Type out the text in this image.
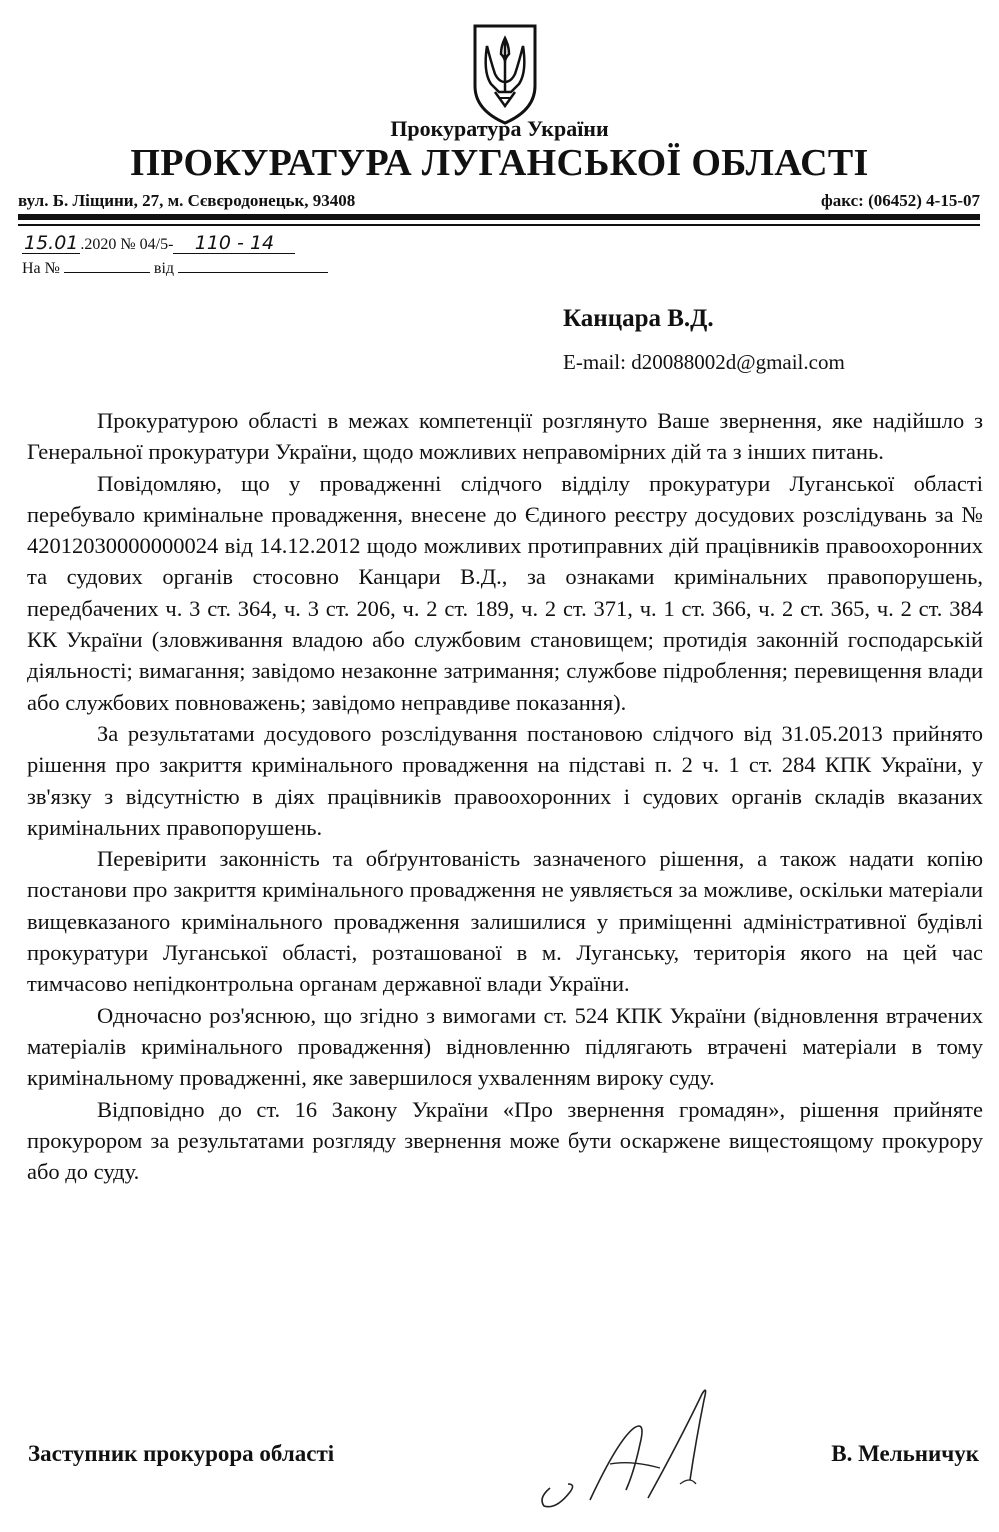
Прокуратура України
ПРОКУРАТУРА ЛУГАНСЬКОЇ ОБЛАСТІ
вул. Б. Ліщини, 27, м. Сєвєродонецьк, 93408	факс: (06452) 4-15-07
15.01 .2020 № 04/5- 110 - 14
На №	від
Канцара В.Д.
E-mail: d20088002d@gmail.com

Прокуратурою області в межах компетенції розглянуто Ваше звернення, яке надійшло з Генеральної прокуратури України, щодо можливих неправомірних дій та з інших питань.

Повідомляю, що у провадженні слідчого відділу прокуратури Луганської області перебувало кримінальне провадження, внесене до Єдиного реєстру досудових розслідувань за № 42012030000000024 від 14.12.2012 щодо можливих протиправних дій працівників правоохоронних та судових органів стосовно Канцари В.Д., за ознаками кримінальних правопорушень, передбачених ч. 3 ст. 364, ч. 3 ст. 206, ч. 2 ст. 189, ч. 2 ст. 371, ч. 1 ст. 366, ч. 2 ст. 365, ч. 2 ст. 384 КК України (зловживання владою або службовим становищем; протидія законній господарській діяльності; вимагання; завідомо незаконне затримання; службове підроблення; перевищення влади або службових повноважень; завідомо неправдиве показання).

За результатами досудового розслідування постановою слідчого від 31.05.2013 прийнято рішення про закриття кримінального провадження на підставі п. 2 ч. 1 ст. 284 КПК України, у зв'язку з відсутністю в діях працівників правоохоронних і судових органів складів вказаних кримінальних правопорушень.

Перевірити законність та обґрунтованість зазначеного рішення, а також надати копію постанови про закриття кримінального провадження не уявляється за можливе, оскільки матеріали вищевказаного кримінального провадження залишилися у приміщенні адміністративної будівлі прокуратури Луганської області, розташованої в м. Луганську, територія якого на цей час тимчасово непідконтрольна органам державної влади України.

Одночасно роз'яснюю, що згідно з вимогами ст. 524 КПК України (відновлення втрачених матеріалів кримінального провадження) відновленню підлягають втрачені матеріали в тому кримінальному провадженні, яке завершилося ухваленням вироку суду.

Відповідно до ст. 16 Закону України «Про звернення громадян», рішення прийняте прокурором за результатами розгляду звернення може бути оскаржене вищестоящому прокурору або до суду.

Заступник прокурора області	В. Мельничук
